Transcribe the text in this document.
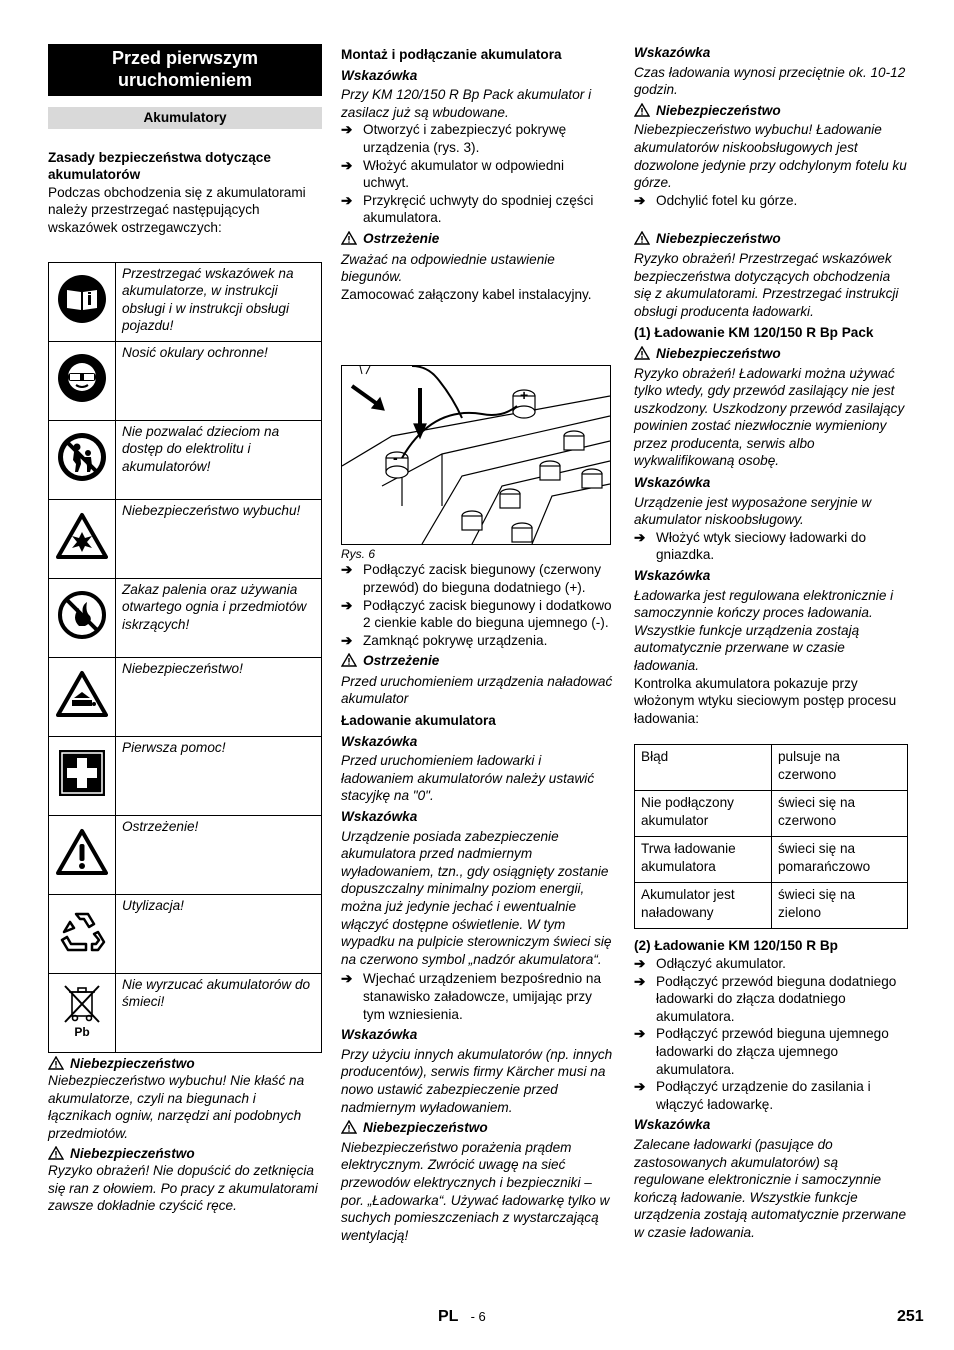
Przed pierwszym uruchomieniem
Akumulatory

Zasady bezpieczeństwa dotyczące akumulatorów

Podczas obchodzenia się z akumulatorami należy przestrzegać następujących wskazówek ostrzegawczych:

	Przestrzegać wskazówek na akumulatorze, w instrukcji obsługi i w instrukcji obsługi pojazdu!
	Nosić okulary ochronne!
	Nie pozwalać dzieciom na dostęp do elektrolitu i akumulatorów!
	Niebezpieczeństwo wybuchu!
	Zakaz palenia oraz używania otwartego ognia i przedmiotów iskrzących!
	Niebezpieczeństwo!
	Pierwsza pomoc!
	Ostrzeżenie!
	Utylizacja!

Pb	Nie wyrzucać akumulatorów do śmieci!

Niebezpieczeństwo

Niebezpieczeństwo wybuchu! Nie kłaść na akumulatorze, czyli na biegunach i łącznikach ogniw, narzędzi ani podobnych przedmiotów.

Niebezpieczeństwo

Ryzyko obrażeń! Nie dopuścić do zetknięcia się ran z ołowiem. Po pracy z akumulatorami zawsze dokładnie czyścić ręce.

Montaż i podłączanie akumulatora

Wskazówka

Przy KM 120/150 R Bp Pack akumulator i zasilacz już są wbudowane.

➔ Otworzyć i zabezpieczyć pokrywę urządzenia (rys. 3).

➔ Włożyć akumulator w odpowiedni uchwyt.

➔ Przykręcić uchwyty do spodniej części akumulatora.

Ostrzeżenie

Zważać na odpowiednie ustawienie biegunów.

Zamocować załączony kabel instalacyjny.

+
-

Rys. 6

➔ Podłączyć zacisk biegunowy (czerwony przewód) do bieguna dodatniego (+).

➔ Podłączyć zacisk biegunowy i dodatkowo 2 cienkie kable do bieguna ujemnego (-).

➔ Zamknąć pokrywę urządzenia.

Ostrzeżenie

Przed uruchomieniem urządzenia naładować akumulator

Ładowanie akumulatora

Wskazówka

Przed uruchomieniem ładowarki i ładowaniem akumulatorów należy ustawić stacyjkę na "0".

Wskazówka

Urządzenie posiada zabezpieczenie akumulatora przed nadmiernym wyładowaniem, tzn., gdy osiągnięty zostanie dopuszczalny minimalny poziom energii, można już jedynie jechać i ewentualnie włączyć dostępne oświetlenie. W tym wypadku na pulpicie sterowniczym świeci się na czerwono symbol „nadzór akumulatora“.

➔ Wjechać urządzeniem bezpośrednio na stanawisko załadowcze, umijając przy tym wzniesienia.

Wskazówka

Przy użyciu innych akumulatorów (np. innych producentów), serwis firmy Kärcher musi na nowo ustawić zabezpieczenie przed nadmiernym wyładowaniem.

Niebezpieczeństwo

Niebezpieczeństwo porażenia prądem elektrycznym. Zwrócić uwagę na sieć przewodów elektrycznych i bezpieczniki – por. „Ładowarka“. Używać ładowarkę tylko w suchych pomieszczeniach z wystarczającą wentylacją!

Wskazówka

Czas ładowania wynosi przeciętnie ok. 10-12 godzin.

Niebezpieczeństwo

Niebezpieczeństwo wybuchu! Ładowanie akumulatorów niskoobsługowych jest dozwolone jedynie przy odchylonym fotelu ku górze.

➔ Odchylić fotel ku górze.

Niebezpieczeństwo

Ryzyko obrażeń! Przestrzegać wskazówek bezpieczeństwa dotyczących obchodzenia się z akumulatorami. Przestrzegać instrukcji obsługi producenta ładowarki.

(1) Ładowanie KM 120/150 R Bp Pack

Niebezpieczeństwo

Ryzyko obrażeń! Ładowarki można używać tylko wtedy, gdy przewód zasilający nie jest uszkodzony. Uszkodzony przewód zasilający powinien zostać niezwłocznie wymieniony przez producenta, serwis albo wykwalifikowaną osobę.

Wskazówka

Urządzenie jest wyposażone seryjnie w akumulator niskoobsługowy.

➔ Włożyć wtyk sieciowy ładowarki do gniazdka.

Wskazówka

Ładowarka jest regulowana elektronicznie i samoczynnie kończy proces ładowania. Wszystkie funkcje urządzenia zostają automatycznie przerwane w czasie ładowania.

Kontrolka akumulatora pokazuje przy włożonym wtyku sieciowym postęp procesu ładowania:

Błąd	pulsuje na czerwono
Nie podłączony akumulator	świeci się na czerwono
Trwa ładowanie akumulatora	świeci się na pomarańczowo
Akumulator jest naładowany	świeci się na zielono

(2) Ładowanie KM 120/150 R Bp

➔ Odłączyć akumulator.

➔ Podłączyć przewód bieguna dodatniego ładowarki do złącza dodatniego akumulatora.

➔ Podłączyć przewód bieguna ujemnego ładowarki do złącza ujemnego akumulatora.

➔ Podłączyć urządzenie do zasilania i włączyć ładowarkę.

Wskazówka

Zalecane ładowarki (pasujące do zastosowanych akumulatorów) są regulowane elektronicznie i samoczynnie kończą ładowanie. Wszystkie funkcje urządzenia zostają automatycznie przerwane w czasie ładowania.

PL - 6	251
